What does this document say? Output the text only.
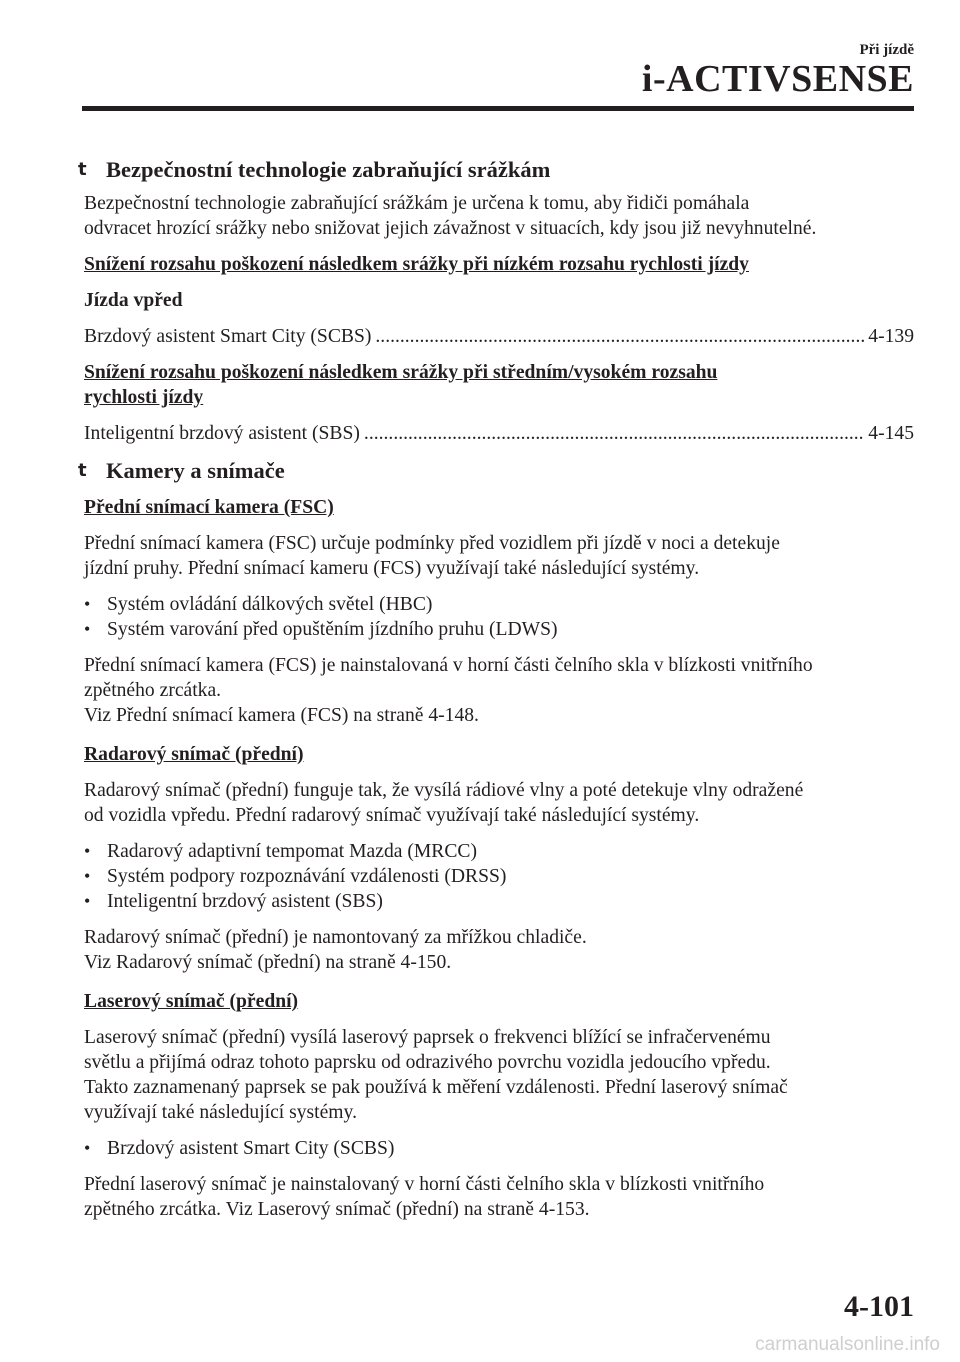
Při jízdě
i-ACTIVSENSE
t Bezpečnostní technologie zabraňující srážkám

Bezpečnostní technologie zabraňující srážkám je určena k tomu, aby řidiči pomáhala
odvracet hrozící srážky nebo snižovat jejich závažnost v situacích, kdy jsou již nevyhnutelné.

Snížení rozsahu poškození následkem srážky při nízkém rozsahu rychlosti jízdy
Jízda vpřed
Brzdový asistent Smart City (SCBS) .....	4-139
Snížení rozsahu poškození následkem srážky při středním/vysokém rozsahu
rychlosti jízdy
Inteligentní brzdový asistent (SBS) .....	4-145
t Kamery a snímače
Přední snímací kamera (FSC)

Přední snímací kamera (FSC) určuje podmínky před vozidlem při jízdě v noci a detekuje
jízdní pruhy. Přední snímací kameru (FCS) využívají také následující systémy.

• Systém ovládání dálkových světel (HBC)
• Systém varování před opuštěním jízdního pruhu (LDWS)

Přední snímací kamera (FCS) je nainstalovaná v horní části čelního skla v blízkosti vnitřního
zpětného zrcátka.
Viz Přední snímací kamera (FCS) na straně 4-148.

Radarový snímač (přední)

Radarový snímač (přední) funguje tak, že vysílá rádiové vlny a poté detekuje vlny odražené
od vozidla vpředu. Přední radarový snímač využívají také následující systémy.

• Radarový adaptivní tempomat Mazda (MRCC)
• Systém podpory rozpoznávání vzdálenosti (DRSS)
• Inteligentní brzdový asistent (SBS)

Radarový snímač (přední) je namontovaný za mřížkou chladiče.
Viz Radarový snímač (přední) na straně 4-150.

Laserový snímač (přední)

Laserový snímač (přední) vysílá laserový paprsek o frekvenci blížící se infračervenému
světlu a přijímá odraz tohoto paprsku od odrazivého povrchu vozidla jedoucího vpředu.
Takto zaznamenaný paprsek se pak používá k měření vzdálenosti. Přední laserový snímač
využívají také následující systémy.

• Brzdový asistent Smart City (SCBS)

Přední laserový snímač je nainstalovaný v horní části čelního skla v blízkosti vnitřního
zpětného zrcátka. Viz Laserový snímač (přední) na straně 4-153.

4-101
carmanualsonline.info
